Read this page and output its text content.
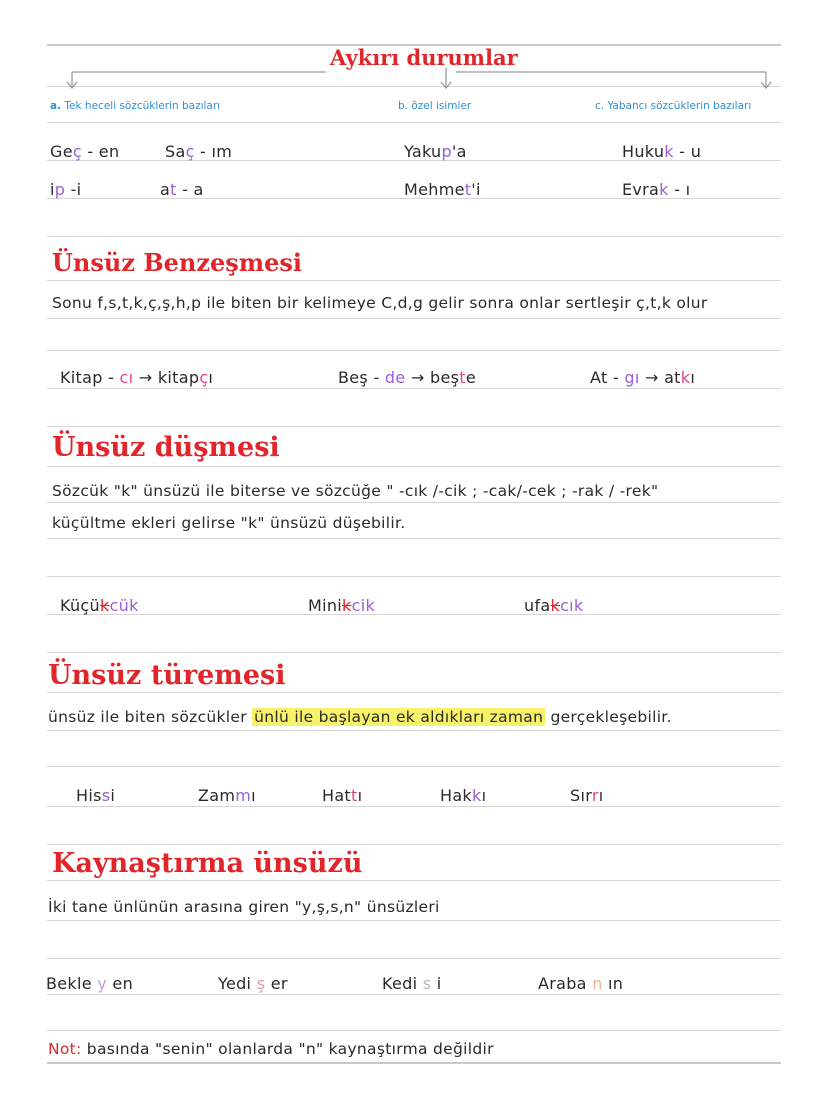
Aykırı durumlar
a. Tek heceli sözcüklerin bazıları	b. özel isimler	c. Yabancı sözcüklerin bazıları
Geç - en	Saç - ım	Yakup'a	Hukuk - u
ip -i	at - a	Mehmet'i	Evrak - ı
Ünsüz Benzeşmesi
Sonu f,s,t,k,ç,ş,h,p ile biten bir kelimeye C,d,g gelir sonra onlar sertleşir ç,t,k olur
Kitap - cı → kitapçı	Beş - de → beşte	At - gı → atkı
Ünsüz düşmesi
Sözcük "k" ünsüzü ile biterse ve sözcüğe " -cık /-cik ; -cak/-cek ; -rak / -rek"
küçültme ekleri gelirse "k" ünsüzü düşebilir.
Küçükcük	Minikcik	ufakcık
Ünsüz türemesi
ünsüz ile biten sözcükler ünlü ile başlayan ek aldıkları zaman gerçekleşebilir.
Hissi	Zammı	Hattı	Hakkı	Sırrı
Kaynaştırma ünsüzü
İki tane ünlünün arasına giren "y,ş,s,n" ünsüzleri
Bekle y en	Yedi ş er	Kedi s i	Araba n ın
Not: basında "senin" olanlarda "n" kaynaştırma değildir
